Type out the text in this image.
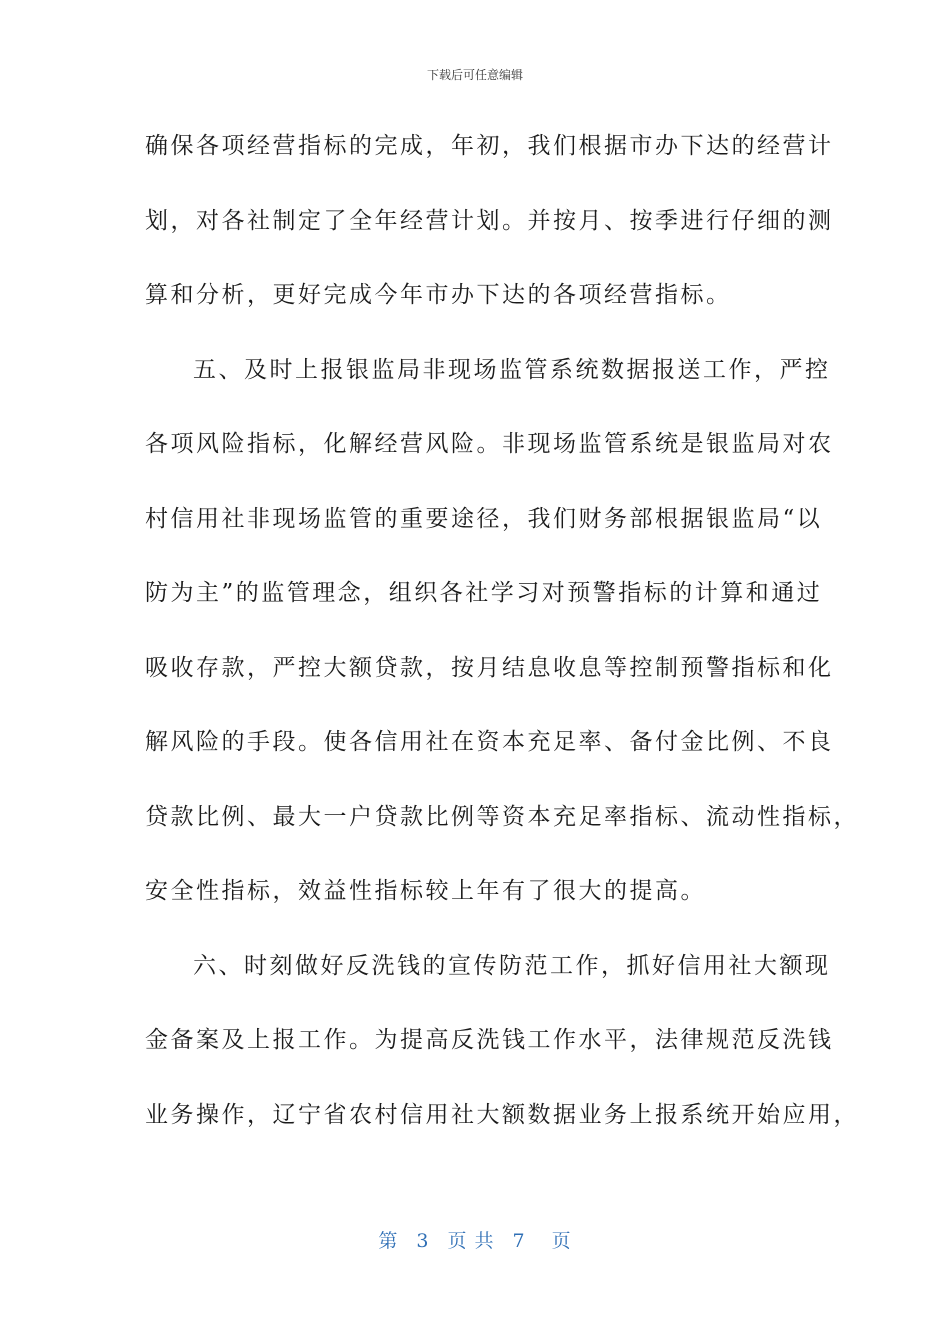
下载后可任意编辑
确保各项经营指标的完成，年初，我们根据市办下达的经营计
划，对各社制定了全年经营计划。并按月、按季进行仔细的测
算和分析，更好完成今年市办下达的各项经营指标。
五、及时上报银监局非现场监管系统数据报送工作，严控
各项风险指标，化解经营风险。非现场监管系统是银监局对农
村信用社非现场监管的重要途径，我们财务部根据银监局“以
防为主”的监管理念，组织各社学习对预警指标的计算和通过
吸收存款，严控大额贷款，按月结息收息等控制预警指标和化
解风险的手段。使各信用社在资本充足率、备付金比例、不良
贷款比例、最大一户贷款比例等资本充足率指标、流动性指标，
安全性指标，效益性指标较上年有了很大的提高。
六、时刻做好反洗钱的宣传防范工作，抓好信用社大额现
金备案及上报工作。为提高反洗钱工作水平，法律规范反洗钱
业务操作，辽宁省农村信用社大额数据业务上报系统开始应用，
第 3 页 共 7 页
